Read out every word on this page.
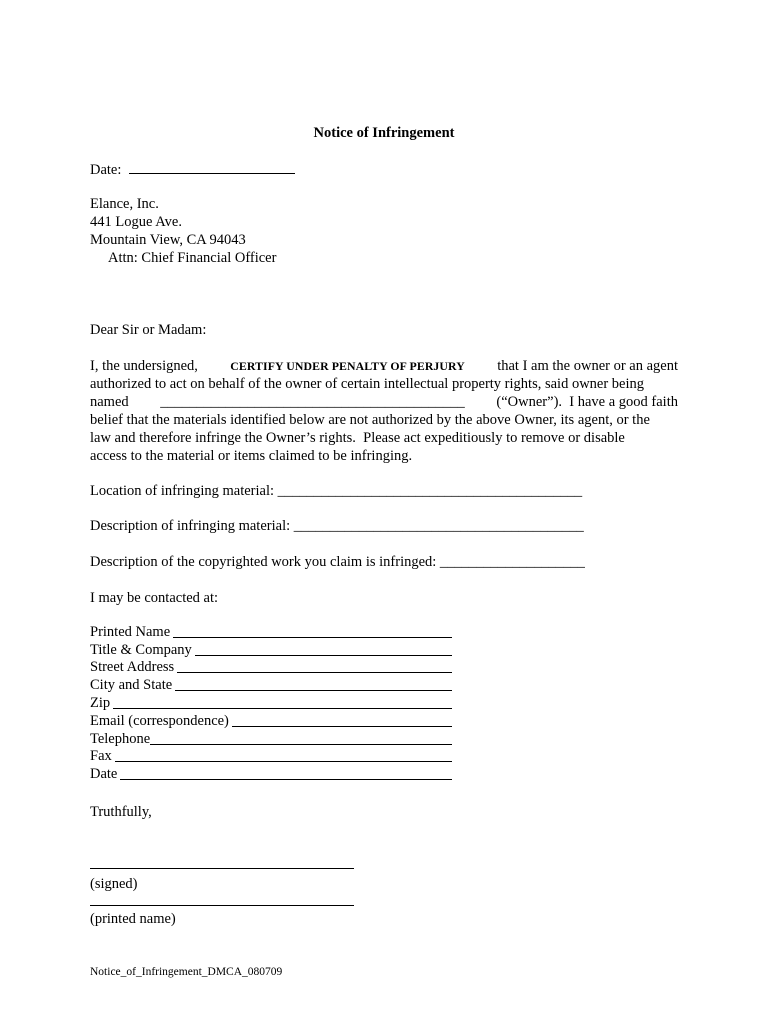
Notice of Infringement
Date:
Elance, Inc.
441 Logue Ave.
Mountain View, CA 94043
Attn: Chief Financial Officer
Dear Sir or Madam:
I, the undersigned,	CERTIFY UNDER PENALTY OF PERJURY that I am the owner or an agent
authorized to act on behalf of the owner of certain intellectual property rights, said owner being
named __________________________________________ (“Owner”).  I have a good faith
belief that the materials identified below are not authorized by the above Owner, its agent, or the
law and therefore infringe the Owner’s rights.  Please act expeditiously to remove or disable
access to the material or items claimed to be infringing.
Location of infringing material: __________________________________________
Description of infringing material: ________________________________________
Description of the copyrighted work you claim is infringed: ____________________
I may be contacted at:
Printed Name
Title & Company
Street Address
City and State
Zip
Email (correspondence)
Telephone
Fax
Date
Truthfully,
(signed)
(printed name)
Notice_of_Infringement_DMCA_080709
